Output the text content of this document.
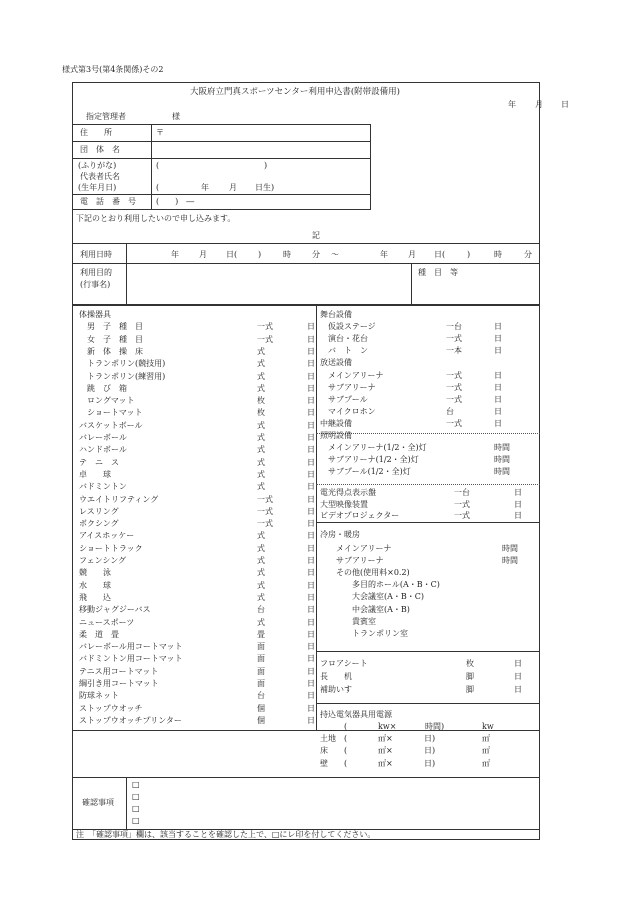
様式第3号(第4条関係)その2
大阪府立門真スポーツセンター利用申込書(附帯設備用)
年 月 日
指定管理者	様
住　　所	〒
団　体　名
(ふりがな)
代表者氏名
(生年月日)
(	)
(	年	月 日生)
電　話　番　号	(　　)　―
下記のとおり利用したいので申し込みます。
記
利用日時	年	月 日(	)	時	分 ～	年	月 日(	)	時	分
利用目的
(行事名)
種　目　等
体操器具
　男　子　種　目	一式	日
　女　子　種　目	一式	日
　新　体　操　床	式	日
　トランポリン(競技用)	式	日
　トランポリン(練習用)	式	日
　跳　び　箱	式	日
　ロングマット	枚	日
　ショートマット	枚	日
バスケットボール	式	日
バレーボール	式	日
ハンドボール	式	日
テ　ニ　ス	式	日
卓　　球	式	日
バドミントン	式	日
ウエイトリフティング	一式	日
レスリング	一式	日
ボクシング	一式	日
アイスホッケー	式	日
ショートトラック	式	日
フェンシング	式	日
競　　泳	式	日
水　　球	式	日
飛　　込	式	日
移動ジャグジーバス	台	日
ニュースポーツ	式	日
柔　道　畳	畳	日
バレーボール用コートマット	面	日
バドミントン用コートマット	面	日
テニス用コートマット	面	日
綱引き用コートマット	面	日
防球ネット	台	日
ストップウオッチ	個	日
ストップウオッチプリンター	個	日
舞台設備
　仮設ステージ	一台	日
　演台・花台	一式	日
　バ　ト　ン	一本	日
放送設備
　メインアリーナ	一式	日
　サブアリーナ	一式	日
　サブプール	一式	日
　マイクロホン	台	日
中継設備	一式	日
照明設備
　メインアリーナ(1/2・全)灯	時間
　サブアリーナ(1/2・全)灯	時間
　サブプール(1/2・全)灯	時間
電光得点表示盤	一台	日
大型映像装置	一式	日
ビデオプロジェクター	一式	日
冷房・暖房
　　メインアリーナ	時間
　　サブアリーナ	時間
　　その他(使用料×0.2)
　　　　多目的ホール(A・B・C)
　　　　大会議室(A・B・C)
　　　　中会議室(A・B)
　　　　貴賓室
　　　　トランポリン室
フロアシート	枚	日
長　　机	脚	日
補助いす	脚	日
持込電気器具用電源
(	kw×	時間)	kw
土地 (	㎡×	日)	㎡
床 (	㎡×	日)	㎡
壁 (	㎡×	日)	㎡
確認事項
□
□
□
□
注　「確認事項」欄は、該当することを確認した上で、□にレ印を付してください。
